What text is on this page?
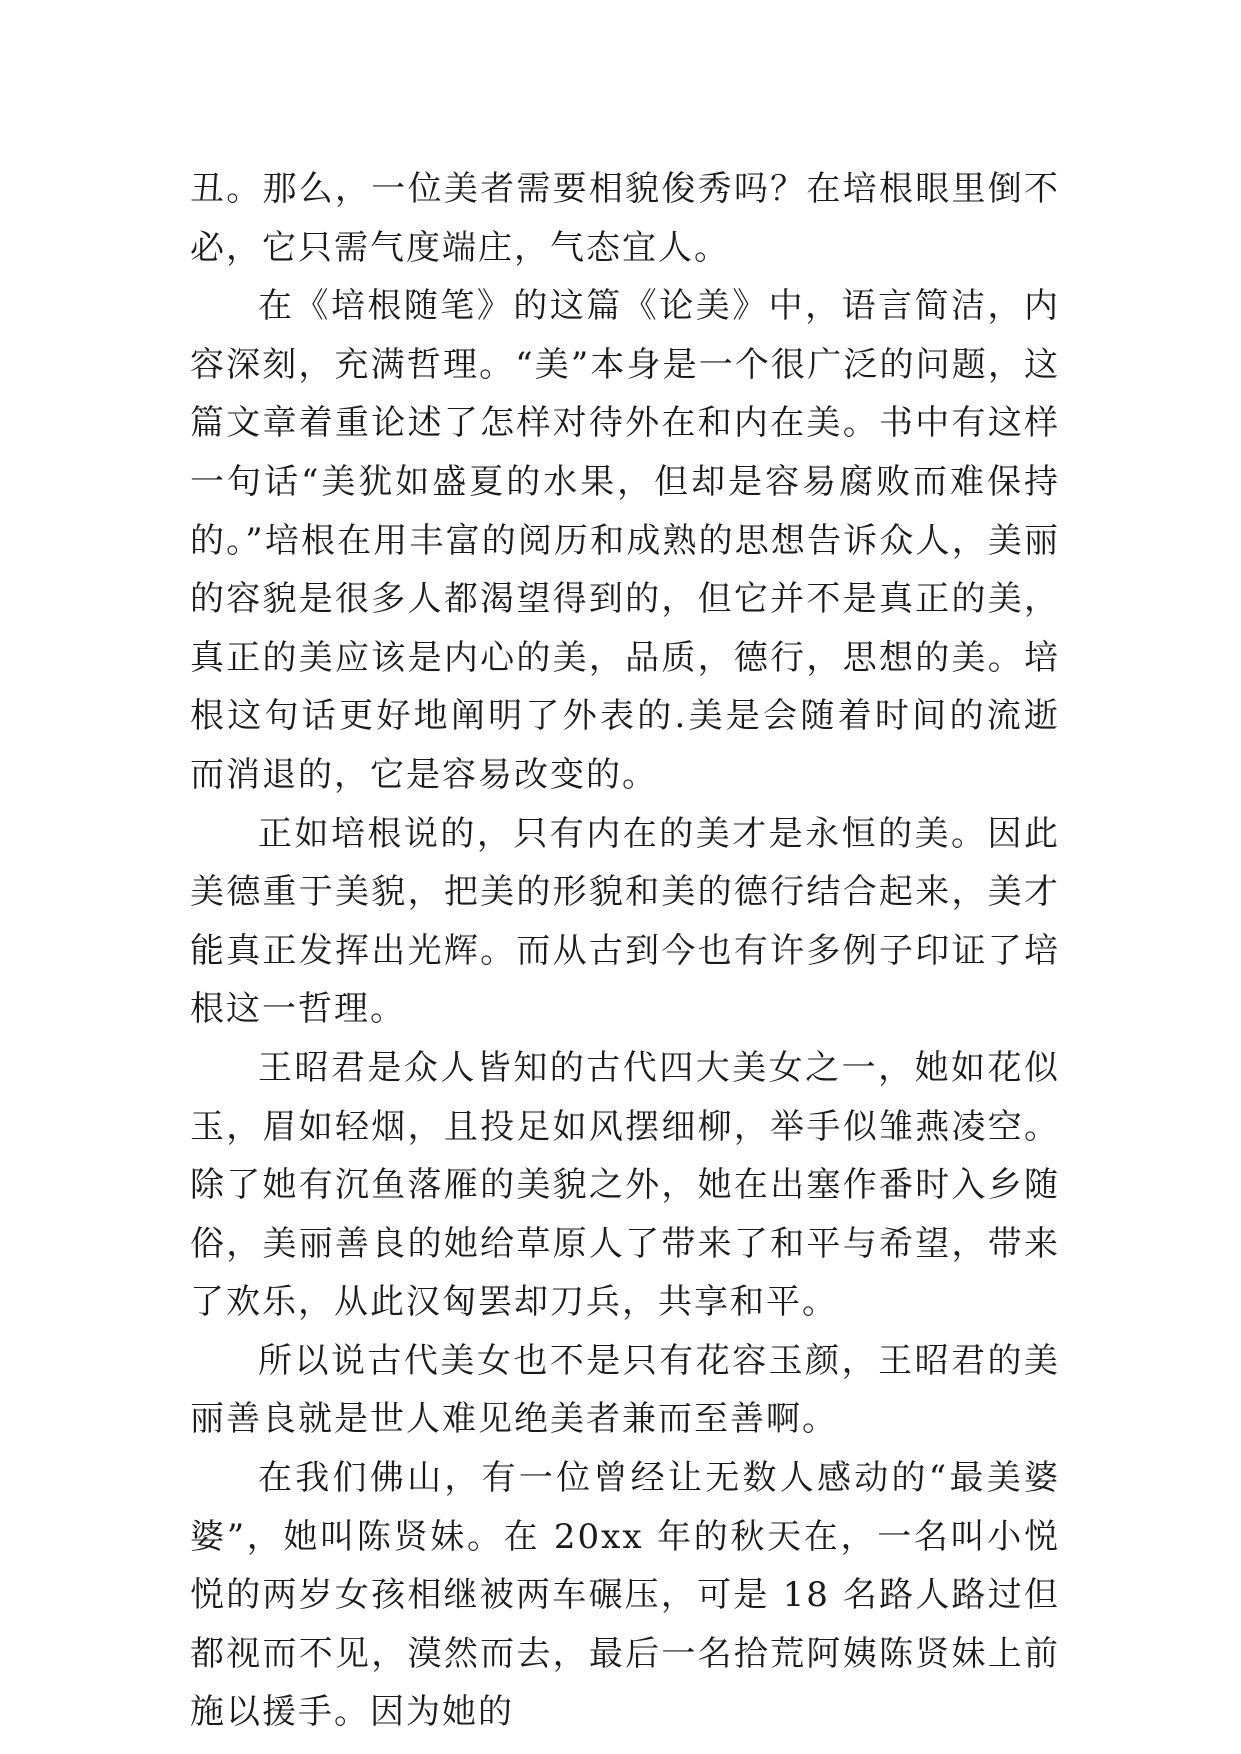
丑。那么，一位美者需要相貌俊秀吗？在培根眼里倒不必，它只需气度端庄，气态宜人。

在《培根随笔》的这篇《论美》中，语言简洁，内容深刻，充满哲理。“美”本身是一个很广泛的问题，这篇文章着重论述了怎样对待外在和内在美。书中有这样一句话“美犹如盛夏的水果，但却是容易腐败而难保持的。”培根在用丰富的阅历和成熟的思想告诉众人，美丽的容貌是很多人都渴望得到的，但它并不是真正的美，真正的美应该是内心的美，品质，德行，思想的美。培根这句话更好地阐明了外表的.美是会随着时间的流逝而消退的，它是容易改变的。

正如培根说的，只有内在的美才是永恒的美。因此美德重于美貌，把美的形貌和美的德行结合起来，美才能真正发挥出光辉。而从古到今也有许多例子印证了培根这一哲理。

王昭君是众人皆知的古代四大美女之一，她如花似玉，眉如轻烟，且投足如风摆细柳，举手似雏燕凌空。除了她有沉鱼落雁的美貌之外，她在出塞作番时入乡随俗，美丽善良的她给草原人了带来了和平与希望，带来了欢乐，从此汉匈罢却刀兵，共享和平。

所以说古代美女也不是只有花容玉颜，王昭君的美丽善良就是世人难见绝美者兼而至善啊。

在我们佛山，有一位曾经让无数人感动的“最美婆婆”，她叫陈贤妹。在 20xx 年的秋天在，一名叫小悦悦的两岁女孩相继被两车碾压，可是 18 名路人路过但都视而不见，漠然而去，最后一名拾荒阿姨陈贤妹上前施以援手。因为她的
